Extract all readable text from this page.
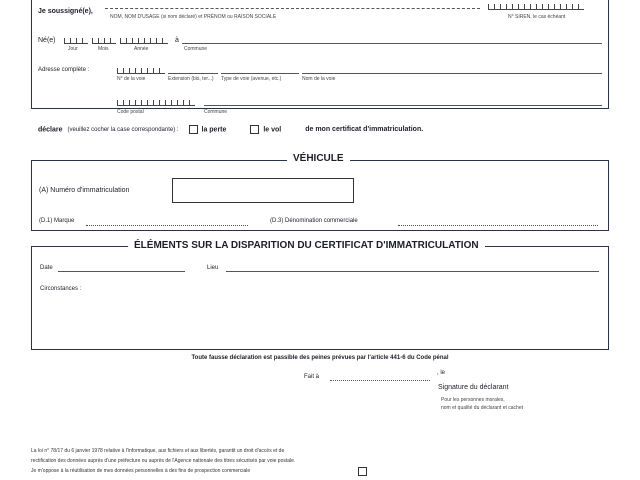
Je soussigné(e),
NOM, NOM D'USAGE (si nom déclaré) et PRÉNOM ou RAISON SOCIALE	N° SIREN, le cas échéant
Né(e)
Jour	Mois	Année
à
Commune
Adresse complète :
N° de la voie	Extension (bis, ter...) Type de voie (avenue, etc.)	Nom de la voie
Code postal	Commune
déclare (veuillez cocher la case correspondante) :	la perte	le vol	de mon certificat d'immatriculation.
VÉHICULE
(A) Numéro d'immatriculation
(D.1) Marque	(D.3) Dénomination commerciale
ÉLÉMENTS SUR LA DISPARITION DU CERTIFICAT D'IMMATRICULATION
Date	Lieu
Circonstances :
Toute fausse déclaration est passible des peines prévues par l'article 441-6 du Code pénal
Fait à
, le
Signature du déclarant
Pour les personnes morales,
nom et qualité du déclarant et cachet
La loi n° 78/17 du 6 janvier 1978 relative à l'informatique, aux fichiers et aux libertés, garantit un droit d'accès et de
rectification des données auprès d'une préfecture ou auprès de l'Agence nationale des titres sécurisés par voie postale.
Je m'oppose à la réutilisation de mes données personnelles à des fins de prospection commerciale
